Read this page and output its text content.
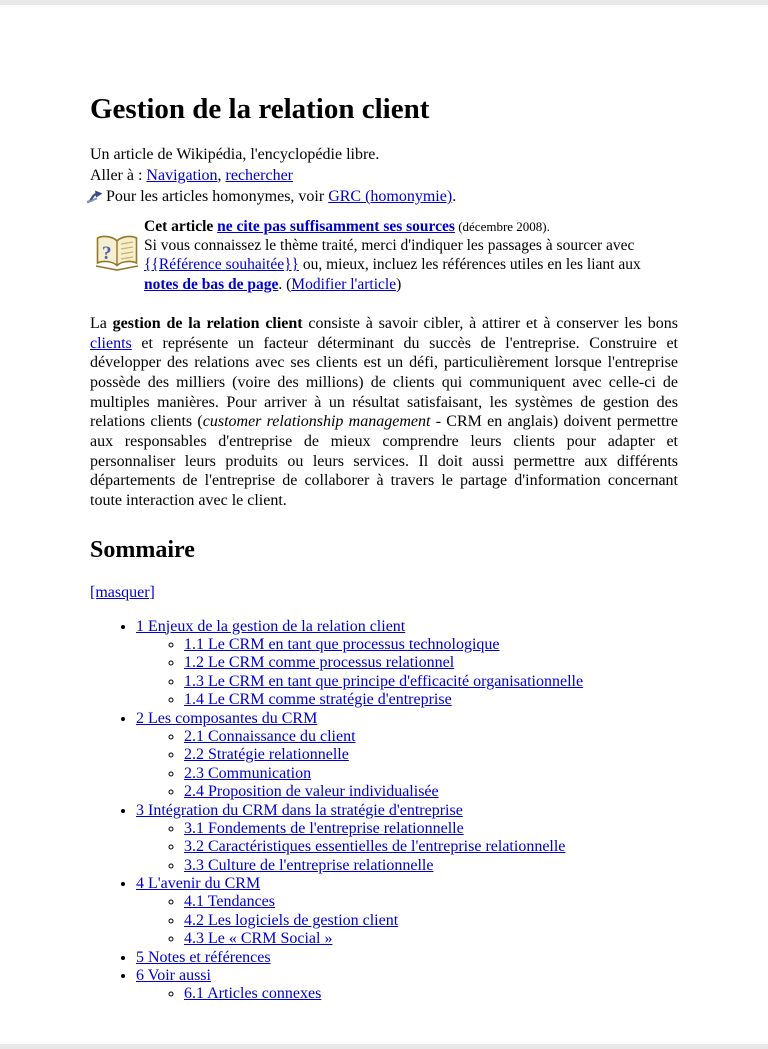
Gestion de la relation client

Un article de Wikipédia, l'encyclopédie libre.

Aller à : Navigation, rechercher

Pour les articles homonymes, voir GRC (homonymie).

?
Cet article ne cite pas suffisamment ses sources (décembre 2008).
Si vous connaissez le thème traité, merci d'indiquer les passages à sourcer avec {{Référence souhaitée}} ou, mieux, incluez les références utiles en les liant aux notes de bas de page. (Modifier l'article)

La gestion de la relation client consiste à savoir cibler, à attirer et à conserver les bons clients et représente un facteur déterminant du succès de l'entreprise. Construire et développer des relations avec ses clients est un défi, particulièrement lorsque l'entreprise possède des milliers (voire des millions) de clients qui communiquent avec celle-ci de multiples manières. Pour arriver à un résultat satisfaisant, les systèmes de gestion des relations clients (customer relationship management - CRM en anglais) doivent permettre aux responsables d'entreprise de mieux comprendre leurs clients pour adapter et personnaliser leurs produits ou leurs services. Il doit aussi permettre aux différents départements de l'entreprise de collaborer à travers le partage d'information concernant toute interaction avec le client.

Sommaire

[masquer]

• 1 Enjeux de la gestion de la relation client
◦ 1.1 Le CRM en tant que processus technologique
◦ 1.2 Le CRM comme processus relationnel
◦ 1.3 Le CRM en tant que principe d'efficacité organisationnelle
◦ 1.4 Le CRM comme stratégie d'entreprise
• 2 Les composantes du CRM
◦ 2.1 Connaissance du client
◦ 2.2 Stratégie relationnelle
◦ 2.3 Communication
◦ 2.4 Proposition de valeur individualisée
• 3 Intégration du CRM dans la stratégie d'entreprise
◦ 3.1 Fondements de l'entreprise relationnelle
◦ 3.2 Caractéristiques essentielles de l'entreprise relationnelle
◦ 3.3 Culture de l'entreprise relationnelle
• 4 L'avenir du CRM
◦ 4.1 Tendances
◦ 4.2 Les logiciels de gestion client
◦ 4.3 Le « CRM Social »
• 5 Notes et références
• 6 Voir aussi
◦ 6.1 Articles connexes
